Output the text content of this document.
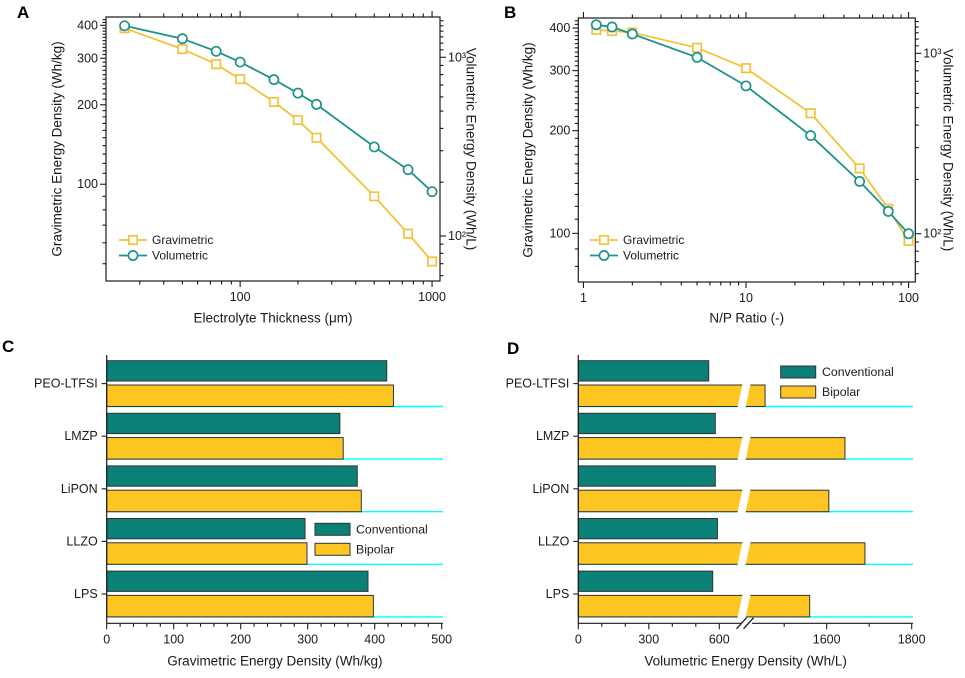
100	1000
100
200
300
400
10²
10³
Electrolyte Thickness (μm)
Gravimetric Energy Density (Wh/kg)	Volumetric Energy Density (Wh/L)
Gravimetric
Volumetric
1	10	100
100
200
300
400
10²
10³
N/P Ratio (-)
Gravimetric Energy Density (Wh/kg)	Volumetric Energy Density (Wh/L)
Gravimetric
Volumetric
PEO-LTFSI
LMZP
LiPON
LLZO
LPS
0	100	200	300	400	500
Gravimetric Energy Density (Wh/kg)
Conventional
Bipolar
PEO-LTFSI
LMZP
LiPON
LLZO
LPS
0	300	600	1600	1800
Volumetric Energy Density (Wh/L)
Conventional
Bipolar
A	B
C	D
